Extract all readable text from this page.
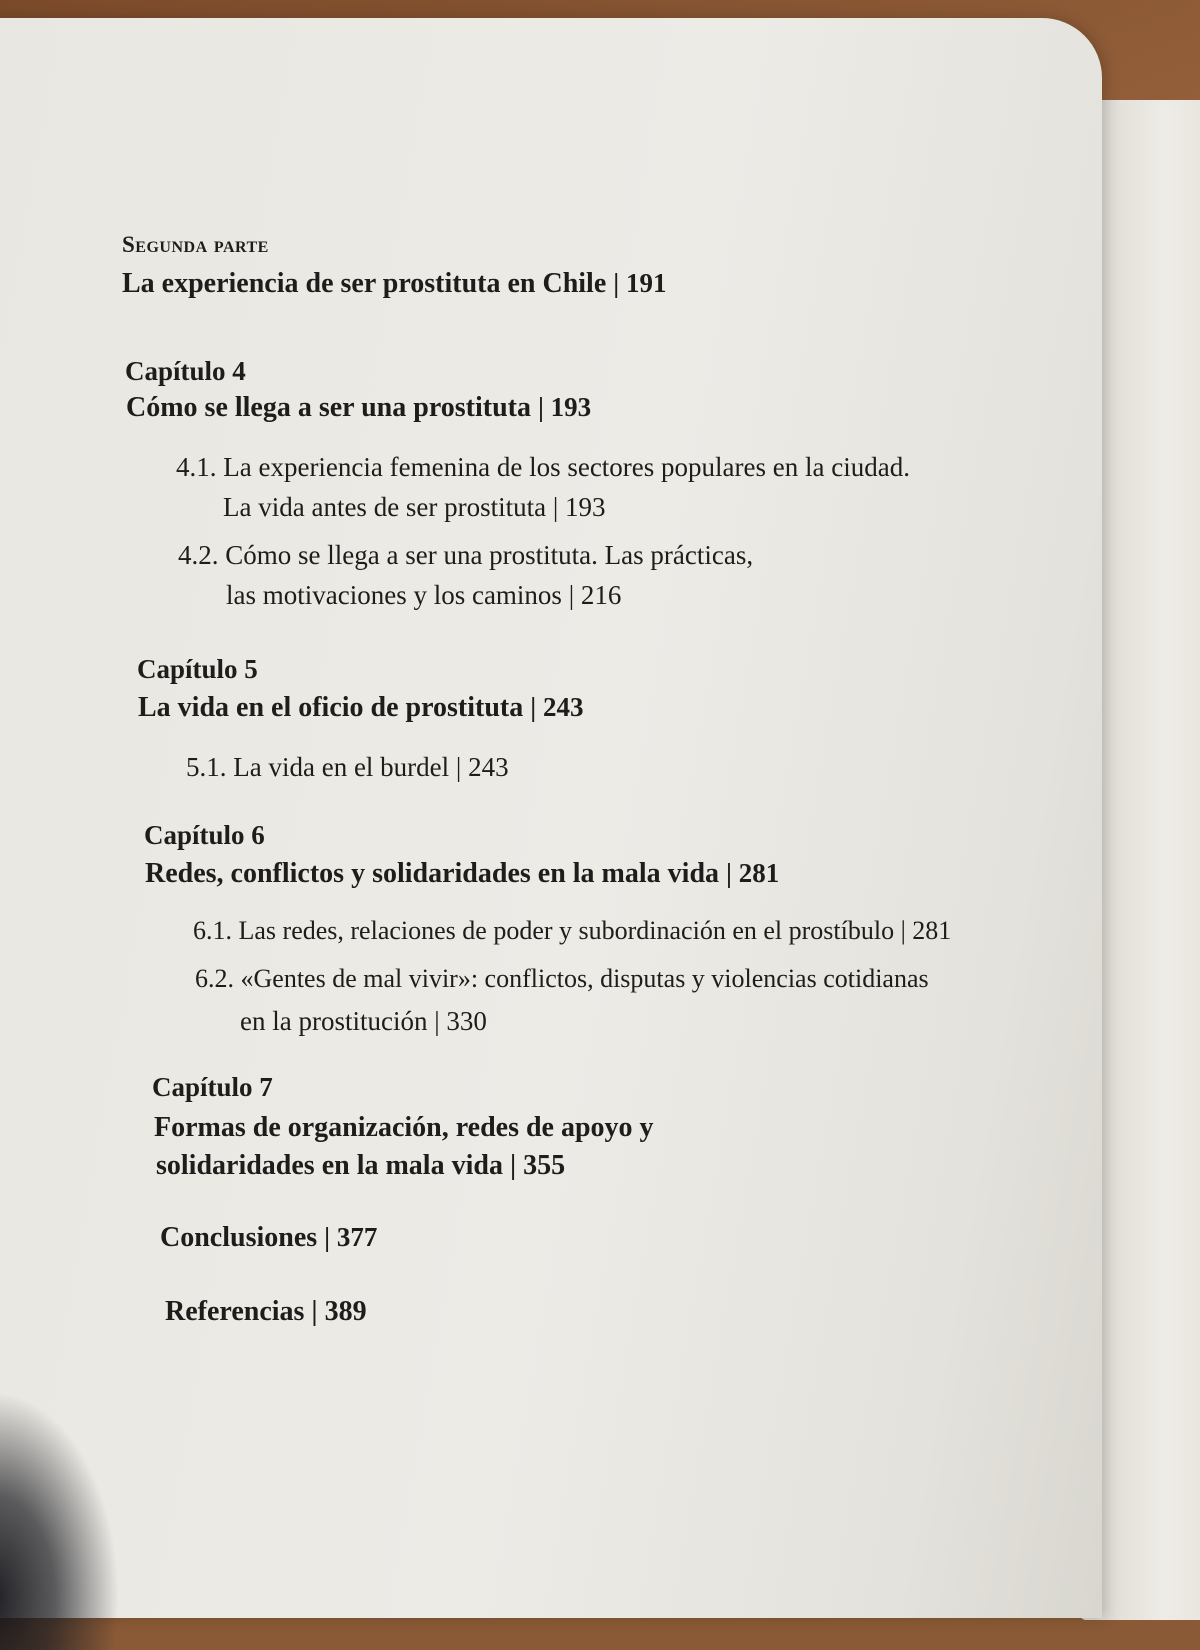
Segunda parte
La experiencia de ser prostituta en Chile | 191
Capítulo 4
Cómo se llega a ser una prostituta | 193
4.1. La experiencia femenina de los sectores populares en la ciudad.
La vida antes de ser prostituta | 193
4.2. Cómo se llega a ser una prostituta. Las prácticas,
las motivaciones y los caminos | 216
Capítulo 5
La vida en el oficio de prostituta | 243
5.1. La vida en el burdel | 243
Capítulo 6
Redes, conflictos y solidaridades en la mala vida | 281
6.1. Las redes, relaciones de poder y subordinación en el prostíbulo | 281
6.2. «Gentes de mal vivir»: conflictos, disputas y violencias cotidianas
en la prostitución | 330
Capítulo 7
Formas de organización, redes de apoyo y
solidaridades en la mala vida | 355
Conclusiones | 377
Referencias | 389
